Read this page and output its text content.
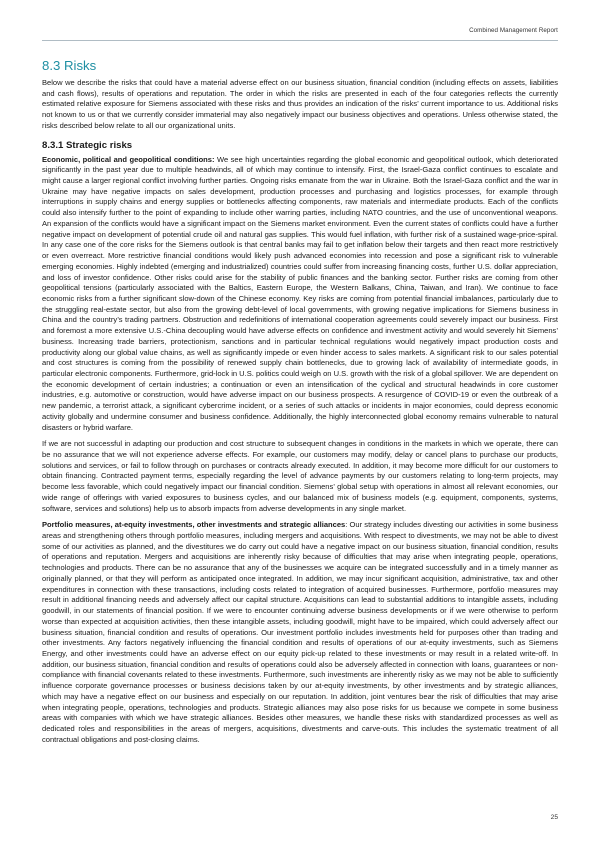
Combined Management Report
8.3 Risks

Below we describe the risks that could have a material adverse effect on our business situation, financial condition (including effects on assets, liabilities and cash flows), results of operations and reputation. The order in which the risks are presented in each of the four categories reflects the currently estimated relative exposure for Siemens associated with these risks and thus provides an indication of the risks’ current importance to us. Additional risks not known to us or that we currently consider immaterial may also negatively impact our business objectives and operations. Unless otherwise stated, the risks described below relate to all our organizational units.

8.3.1 Strategic risks

Economic, political and geopolitical conditions: We see high uncertainties regarding the global economic and geopolitical outlook, which deteriorated significantly in the past year due to multiple headwinds, all of which may continue to intensify. First, the Israel-Gaza conflict continues to escalate and might cause a larger regional conflict involving further parties. Ongoing risks emanate from the war in Ukraine. Both the Israel-Gaza conflict and the war in Ukraine may have negative impacts on sales development, production processes and purchasing and logistics processes, for example through interruptions in supply chains and energy supplies or bottlenecks affecting components, raw materials and intermediate products. Each of the conflicts could also intensify further to the point of expanding to include other warring parties, including NATO countries, and the use of unconventional weapons. An expansion of the conflicts would have a significant impact on the Siemens market environment. Even the current states of conflicts could have a further negative impact on development of potential crude oil and natural gas supplies. This would fuel inflation, with further risk of a sustained wage-price-spiral. In any case one of the core risks for the Siemens outlook is that central banks may fail to get inflation below their targets and then react more restrictively or even overreact. More restrictive financial conditions would likely push advanced economies into recession and pose a significant risk to vulnerable emerging economies. Highly indebted (emerging and industrialized) countries could suffer from increasing financing costs, further U.S. dollar appreciation, and loss of investor confidence. Other risks could arise for the stability of public finances and the banking sector. Further risks are coming from other geopolitical tensions (particularly associated with the Baltics, Eastern Europe, the Western Balkans, China, Taiwan, and Iran). We continue to face economic risks from a further significant slow-down of the Chinese economy. Key risks are coming from potential financial imbalances, particularly due to the struggling real-estate sector, but also from the growing debt-level of local governments, with growing negative implications for Siemens business in China and the country’s trading partners. Obstruction and redefinitions of international cooperation agreements could severely impact our business. First and foremost a more extensive U.S.-China decoupling would have adverse effects on confidence and investment activity and would severely hit Siemens’ business. Increasing trade barriers, protectionism, sanctions and in particular technical regulations would negatively impact production costs and productivity along our global value chains, as well as significantly impede or even hinder access to sales markets. A significant risk to our sales potential and cost structures is coming from the possibility of renewed supply chain bottlenecks, due to growing lack of availability of intermediate goods, in particular electronic components. Furthermore, grid-lock in U.S. politics could weigh on U.S. growth with the risk of a global spillover. We are dependent on the economic development of certain industries; a continuation or even an intensification of the cyclical and structural headwinds in core customer industries, e.g. automotive or construction, would have adverse impact on our business prospects. A resurgence of COVID-19 or even the outbreak of a new pandemic, a terrorist attack, a significant cybercrime incident, or a series of such attacks or incidents in major economies, could depress economic activity globally and undermine consumer and business confidence. Additionally, the highly interconnected global economy remains vulnerable to natural disasters or hybrid warfare.

If we are not successful in adapting our production and cost structure to subsequent changes in conditions in the markets in which we operate, there can be no assurance that we will not experience adverse effects. For example, our customers may modify, delay or cancel plans to purchase our products, solutions and services, or fail to follow through on purchases or contracts already executed. In addition, it may become more difficult for our customers to obtain financing. Contracted payment terms, especially regarding the level of advance payments by our customers relating to long-term projects, may become less favorable, which could negatively impact our financial condition. Siemens’ global setup with operations in almost all relevant economies, our wide range of offerings with varied exposures to business cycles, and our balanced mix of business models (e.g. equipment, components, systems, software, services and solutions) help us to absorb impacts from adverse developments in any single market.

Portfolio measures, at-equity investments, other investments and strategic alliances: Our strategy includes divesting our activities in some business areas and strengthening others through portfolio measures, including mergers and acquisitions. With respect to divestments, we may not be able to divest some of our activities as planned, and the divestitures we do carry out could have a negative impact on our business situation, financial condition, results of operations and reputation. Mergers and acquisitions are inherently risky because of difficulties that may arise when integrating people, operations, technologies and products. There can be no assurance that any of the businesses we acquire can be integrated successfully and in a timely manner as originally planned, or that they will perform as anticipated once integrated. In addition, we may incur significant acquisition, administrative, tax and other expenditures in connection with these transactions, including costs related to integration of acquired businesses. Furthermore, portfolio measures may result in additional financing needs and adversely affect our capital structure. Acquisitions can lead to substantial additions to intangible assets, including goodwill, in our statements of financial position. If we were to encounter continuing adverse business developments or if we were otherwise to perform worse than expected at acquisition activities, then these intangible assets, including goodwill, might have to be impaired, which could adversely affect our business situation, financial condition and results of operations. Our investment portfolio includes investments held for purposes other than trading and other investments. Any factors negatively influencing the financial condition and results of operations of our at-equity investments, such as Siemens Energy, and other investments could have an adverse effect on our equity pick-up related to these investments or may result in a related write-off. In addition, our business situation, financial condition and results of operations could also be adversely affected in connection with loans, guarantees or non-compliance with financial covenants related to these investments. Furthermore, such investments are inherently risky as we may not be able to sufficiently influence corporate governance processes or business decisions taken by our at-equity investments, by other investments and by strategic alliances, which may have a negative effect on our business and especially on our reputation. In addition, joint ventures bear the risk of difficulties that may arise when integrating people, operations, technologies and products. Strategic alliances may also pose risks for us because we compete in some business areas with companies with which we have strategic alliances. Besides other measures, we handle these risks with standardized processes as well as dedicated roles and responsibilities in the areas of mergers, acquisitions, divestments and carve-outs. This includes the systematic treatment of all contractual obligations and post-closing claims.

25
